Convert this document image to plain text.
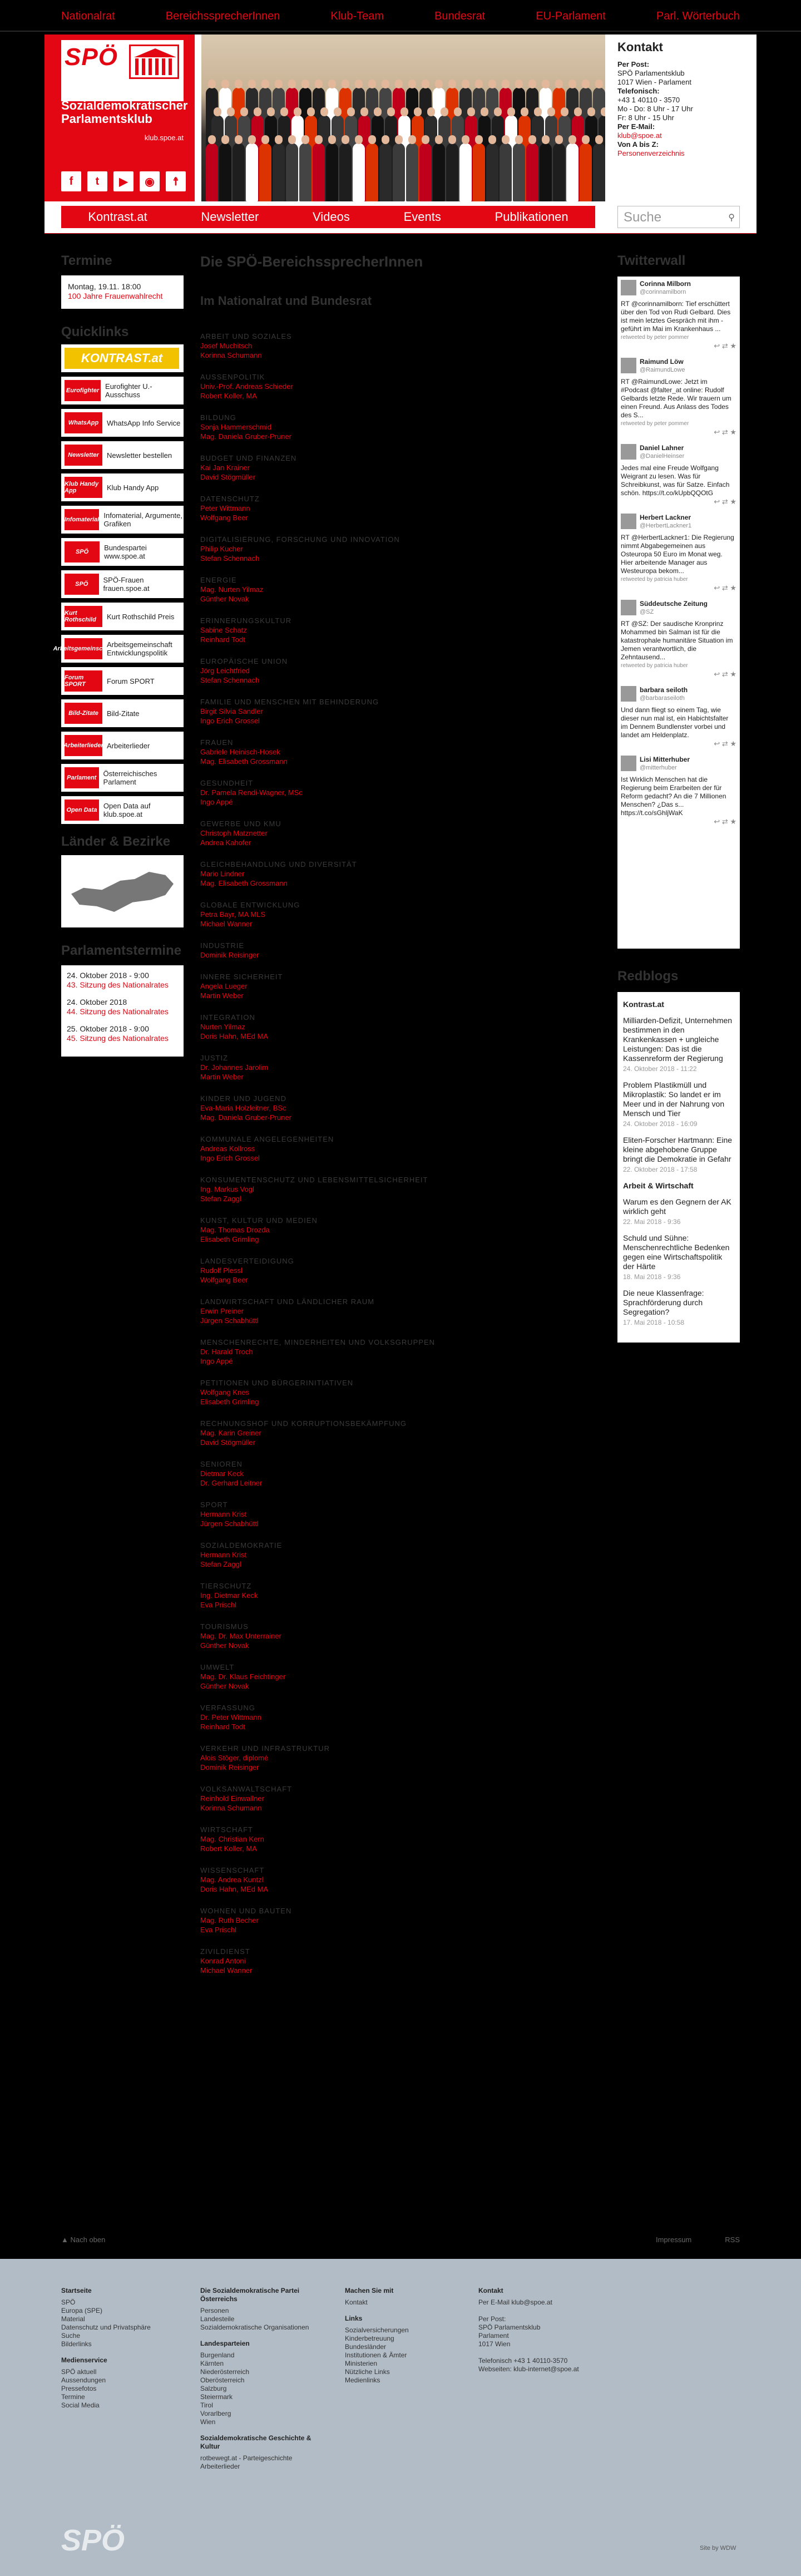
Nationalrat	BereichssprecherInnen	Klub-Team	Bundesrat	EU-Parlament	Parl. Wörterbuch
SPÖ
Sozialdemokratischer Parlamentsklub
klub.spoe.at
f	t	▶	◉	☨
Kontakt

Per Post:

SPÖ Parlamentsklub

1017 Wien - Parlament

Telefonisch:

+43 1 40110 - 3570

Mo - Do: 8 Uhr - 17 Uhr

Fr: 8 Uhr - 15 Uhr

Per E-Mail:

klub@spoe.at

Von A bis Z:

Personenverzeichnis

Kontrast.at	Newsletter	Videos	Events	Publikationen	Suche	⚲
Termine
Montag, 19.11. 18:00
100 Jahre Frauenwahlrecht
Quicklinks
KONTRAST.at
Eurofighter Eurofighter U.-Ausschuss
WhatsApp	WhatsApp Info Service
Newsletter	Newsletter bestellen
Klub Handy App	Klub Handy App
Infomaterial Infomaterial, Argumente, Grafiken
SPÖ	Bundespartei www.spoe.at
SPÖ	SPÖ-Frauen frauen.spoe.at
Kurt Rothschild	Kurt Rothschild Preis
Arbeitsgemeinschaft
Arbeitsgemeinschaft Entwicklungspolitik
Forum SPORT	Forum SPORT
Bild-Zitate	Bild-Zitate
Arbeiterlieder Arbeiterlieder
Parlament Österreichisches Parlament
Open Data Open Data auf klub.spoe.at
Länder & Bezirke
Parlamentstermine
24. Oktober 2018 - 9:00
43. Sitzung des Nationalrates
24. Oktober 2018
44. Sitzung des Nationalrates
25. Oktober 2018 - 9:00
45. Sitzung des Nationalrates
Die SPÖ-BereichssprecherInnen
Im Nationalrat und Bundesrat
ARBEIT UND SOZIALES
Josef Muchitsch
Korinna Schumann
AUSSENPOLITIK
Univ.-Prof. Andreas Schieder
Robert Koller, MA
BILDUNG
Sonja Hammerschmid
Mag. Daniela Gruber-Pruner
BUDGET UND FINANZEN
Kai Jan Krainer
David Stögmüller
DATENSCHUTZ
Peter Wittmann
Wolfgang Beer
DIGITALISIERUNG, FORSCHUNG UND INNOVATION
Philip Kucher
Stefan Schennach
ENERGIE
Mag. Nurten Yilmaz
Günther Novak
ERINNERUNGSKULTUR
Sabine Schatz
Reinhard Todt
EUROPÄISCHE UNION
Jörg Leichtfried
Stefan Schennach
FAMILIE UND MENSCHEN MIT BEHINDERUNG
Birgit Silvia Sandler
Ingo Erich Grossel
FRAUEN
Gabriele Heinisch-Hosek
Mag. Elisabeth Grossmann
GESUNDHEIT
Dr. Pamela Rendi-Wagner, MSc
Ingo Appé
GEWERBE UND KMU
Christoph Matznetter
Andrea Kahofer
GLEICHBEHANDLUNG UND DIVERSITÄT
Mario Lindner
Mag. Elisabeth Grossmann
GLOBALE ENTWICKLUNG
Petra Bayr, MA MLS
Michael Wanner
INDUSTRIE
Dominik Reisinger
INNERE SICHERHEIT
Angela Lueger
Martin Weber
INTEGRATION
Nurten Yilmaz
Doris Hahn, MEd MA
JUSTIZ
Dr. Johannes Jarolim
Martin Weber
KINDER UND JUGEND
Eva-Maria Holzleitner, BSc
Mag. Daniela Gruber-Pruner
KOMMUNALE ANGELEGENHEITEN
Andreas Kollross
Ingo Erich Grossel
KONSUMENTENSCHUTZ UND LEBENSMITTELSICHERHEIT
Ing. Markus Vogl
Stefan Zaggl
KUNST, KULTUR UND MEDIEN
Mag. Thomas Drozda
Elisabeth Grimling
LANDESVERTEIDIGUNG
Rudolf Plessl
Wolfgang Beer
LANDWIRTSCHAFT UND LÄNDLICHER RAUM
Erwin Preiner
Jürgen Schabhüttl
MENSCHENRECHTE, MINDERHEITEN UND VOLKSGRUPPEN
Dr. Harald Troch
Ingo Appé
PETITIONEN UND BÜRGERINITIATIVEN
Wolfgang Knes
Elisabeth Grimling
RECHNUNGSHOF UND KORRUPTIONSBEKÄMPFUNG
Mag. Karin Greiner
David Stögmüller
SENIOREN
Dietmar Keck
Dr. Gerhard Leitner
SPORT
Hermann Krist
Jürgen Schabhüttl
SOZIALDEMOKRATIE
Hermann Krist
Stefan Zaggl
TIERSCHUTZ
Ing. Dietmar Keck
Eva Prischl
TOURISMUS
Mag. Dr. Max Unterrainer
Günther Novak
UMWELT
Mag. Dr. Klaus Feichtinger
Günther Novak
VERFASSUNG
Dr. Peter Wittmann
Reinhard Todt
VERKEHR UND INFRASTRUKTUR
Alois Stöger, diplomé
Dominik Reisinger
VOLKSANWALTSCHAFT
Reinhold Einwallner
Korinna Schumann
WIRTSCHAFT
Mag. Christian Kern
Robert Koller, MA
WISSENSCHAFT
Mag. Andrea Kuntzl
Doris Hahn, MEd MA
WOHNEN UND BAUTEN
Mag. Ruth Becher
Eva Prischl
ZIVILDIENST
Konrad Antoni
Michael Wanner
Twitterwall
Corinna Milborn
@corinnamilborn
RT @corinnamilborn: Tief erschüttert über den Tod von Rudi Gelbard. Dies ist mein letztes Gespräch mit ihm - geführt im Mai im Krankenhaus ...
retweeted by peter pommer
↩ ⇄ ★
Raimund Löw
@RaimundLowe
RT @RaimundLowe: Jetzt im #Podcast @falter_at online: Rudolf Gelbards letzte Rede. Wir trauern um einen Freund. Aus Anlass des Todes des S...
retweeted by peter pommer
↩ ⇄ ★
Daniel Lahner
@DanielHeinser
Jedes mal eine Freude Wolfgang Weigrant zu lesen. Was für Schreibkunst, was für Satze. Einfach schön. https://t.co/kUpbQQOtG
↩ ⇄ ★
Herbert Lackner
@HerbertLackner1
RT @HerbertLackner1: Die Regierung nimmt Abgabegemeinen aus Osteuropa 50 Euro im Monat weg. Hier arbeitende Manager aus Westeuropa bekom...
retweeted by patricia huber
↩ ⇄ ★
Süddeutsche Zeitung
@SZ
RT @SZ: Der saudische Kronprinz Mohammed bin Salman ist für die katastrophale humanitäre Situation im Jemen verantwortlich, die Zehntausend...
retweeted by patricia huber
↩ ⇄ ★
barbara seiloth
@barbaraseiloth
Und dann fliegt so einem Tag, wie dieser nun mal ist, ein Habichtsfalter im Dennem Bundlenster vorbei und landet am Heldenplatz.
↩ ⇄ ★
Lisi Mitterhuber
@mitterhuber
Ist Wirklich Menschen hat die Regierung beim Erarbeiten der für Reform gedacht? An die 7 Millionen Menschen? ¿Das s... https://t.co/sGhljWaK
↩ ⇄ ★
Redblogs
Kontrast.at
Milliarden-Defizit, Unternehmen bestimmen in den Krankenkassen + ungleiche Leistungen: Das ist die Kassenreform der Regierung
24. Oktober 2018 - 11:22
Problem Plastikmüll und Mikroplastik: So landet er im Meer und in der Nahrung von Mensch und Tier
24. Oktober 2018 - 16:09
Eliten-Forscher Hartmann: Eine kleine abgehobene Gruppe bringt die Demokratie in Gefahr
22. Oktober 2018 - 17:58
Arbeit & Wirtschaft
Warum es den Gegnern der AK wirklich geht
22. Mai 2018 - 9:36
Schuld und Sühne: Menschenrechtliche Bedenken gegen eine Wirtschaftspolitik der Härte
18. Mai 2018 - 9:36
Die neue Klassenfrage: Sprachförderung durch Segregation?
17. Mai 2018 - 10:58
▲ Nach oben	Impressum	RSS
Startseite
SPÖ
Europa (SPE)
Material
Datenschutz und Privatsphäre
Suche
Bilderlinks
Medienservice
SPÖ aktuell
Aussendungen
Pressefotos
Termine
Social Media
Die Sozialdemokratische Partei Österreichs
Personen
Landesteile
Sozialdemokratische Organisationen
Landesparteien
Burgenland
Kärnten
Niederösterreich
Oberösterreich
Salzburg
Steiermark
Tirol
Vorarlberg
Wien
Sozialdemokratische Geschichte & Kultur
rotbewegt.at - Parteigeschichte
Arbeiterlieder
Machen Sie mit
Kontakt
Links
Sozialversicherungen
Kinderbetreuung
Bundesländer
Institutionen & Ämter
Ministerien
Nützliche Links
Medienlinks
Kontakt
Per E-Mail klub@spoe.at
Per Post:
SPÖ Parlamentsklub
Parlament
1017 Wien
Telefonisch +43 1 40110-3570
Webseiten: klub-internet@spoe.at
SPÖ	Site by WDW
